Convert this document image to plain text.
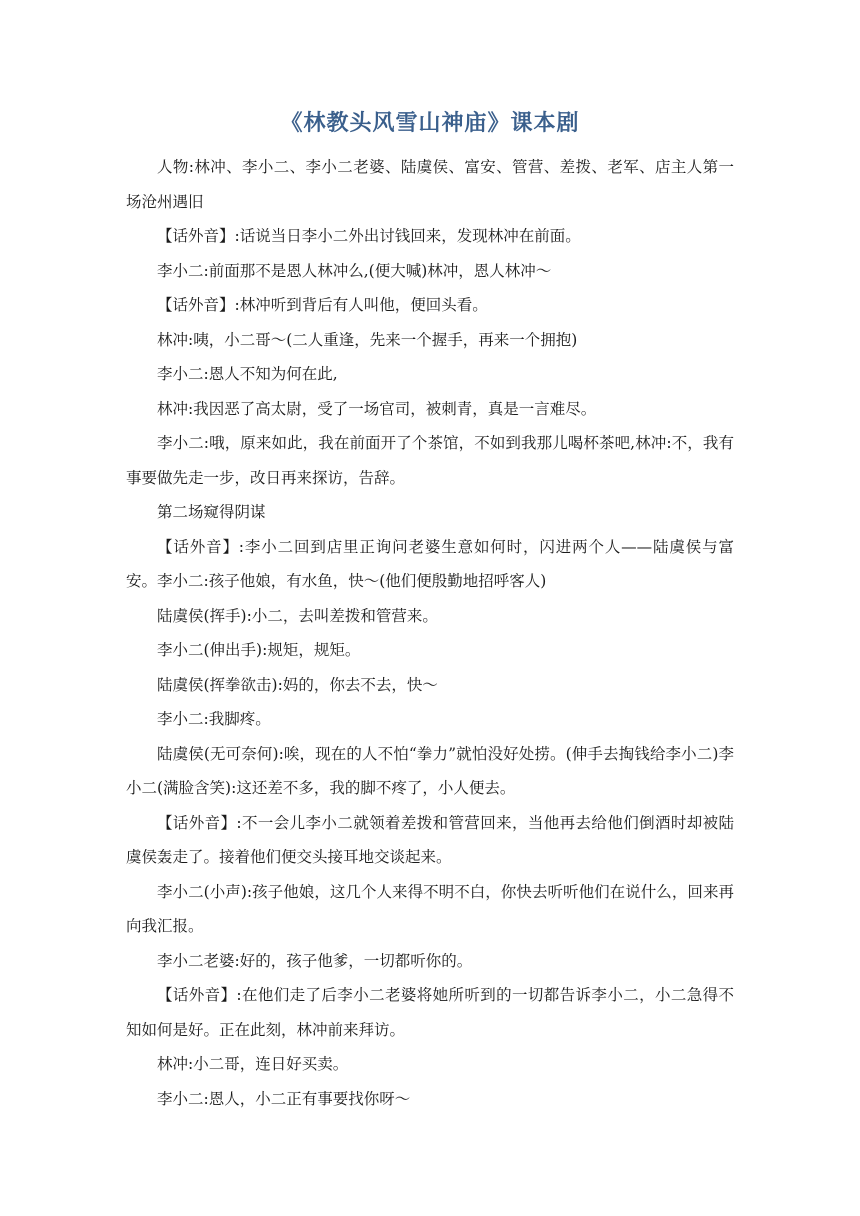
《林教头风雪山神庙》课本剧

人物:林冲、李小二、李小二老婆、陆虞侯、富安、管营、差拨、老军、店主人第一场沧州遇旧

【话外音】:话说当日李小二外出讨钱回来，发现林冲在前面。

李小二:前面那不是恩人林冲么,(便大喊)林冲，恩人林冲～

【话外音】:林冲听到背后有人叫他，便回头看。

林冲:咦，小二哥～(二人重逢，先来一个握手，再来一个拥抱)

李小二:恩人不知为何在此,

林冲:我因恶了高太尉，受了一场官司，被刺青，真是一言难尽。

李小二:哦，原来如此，我在前面开了个茶馆，不如到我那儿喝杯茶吧,林冲:不，我有事要做先走一步，改日再来探访，告辞。

第二场窥得阴谋

【话外音】:李小二回到店里正询问老婆生意如何时，闪进两个人——陆虞侯与富安。李小二:孩子他娘，有水鱼，快～(他们便殷勤地招呼客人)

陆虞侯(挥手):小二，去叫差拨和管营来。

李小二(伸出手):规矩，规矩。

陆虞侯(挥拳欲击):妈的，你去不去，快～

李小二:我脚疼。

陆虞侯(无可奈何):唉，现在的人不怕“拳力”就怕没好处捞。(伸手去掏钱给李小二)李小二(满脸含笑):这还差不多，我的脚不疼了，小人便去。

【话外音】:不一会儿李小二就领着差拨和管营回来，当他再去给他们倒酒时却被陆虞侯轰走了。接着他们便交头接耳地交谈起来。

李小二(小声):孩子他娘，这几个人来得不明不白，你快去听听他们在说什么，回来再向我汇报。

李小二老婆:好的，孩子他爹，一切都听你的。

【话外音】:在他们走了后李小二老婆将她所听到的一切都告诉李小二，小二急得不知如何是好。正在此刻，林冲前来拜访。

林冲:小二哥，连日好买卖。

李小二:恩人，小二正有事要找你呀～
